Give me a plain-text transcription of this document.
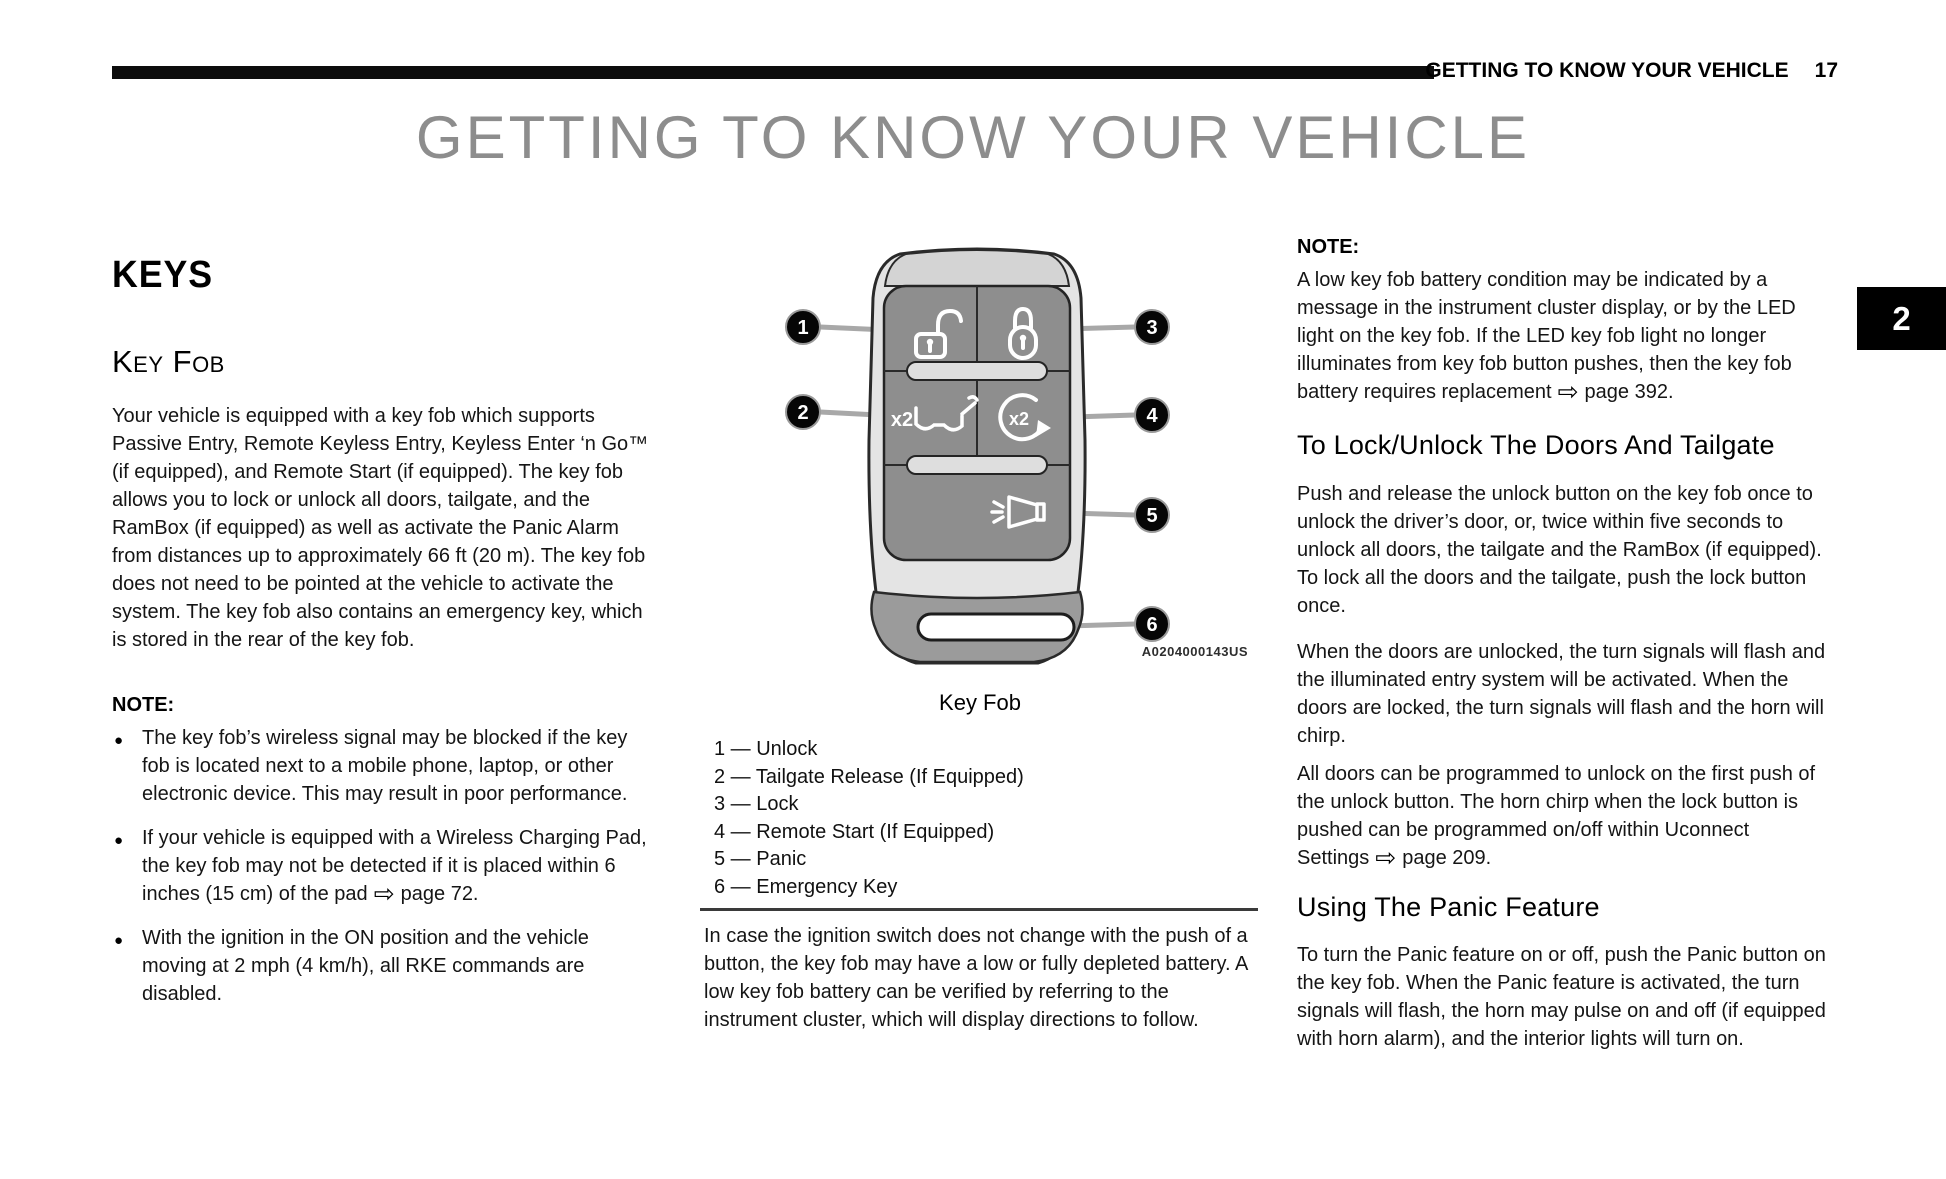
GETTING TO KNOW YOUR VEHICLE 17
GETTING TO KNOW YOUR VEHICLE
2
KEYS
Key Fob
Your vehicle is equipped with a key fob which supports Passive Entry, Remote Keyless Entry, Keyless Enter ‘n Go™ (if equipped), and Remote Start (if equipped). The key fob allows you to lock or unlock all doors, tailgate, and the RamBox (if equipped) as well as activate the Panic Alarm from distances up to approximately 66 ft (20 m). The key fob does not need to be pointed at the vehicle to activate the system. The key fob also contains an emergency key, which is stored in the rear of the key fob.
NOTE:
● The key fob’s wireless signal may be blocked if the key fob is located next to a mobile phone, laptop, or other electronic device. This may result in poor performance.
● If your vehicle is equipped with a Wireless Charging Pad, the key fob may not be detected if it is placed within 6 inches (15 cm) of the pad ⇨ page 72.
● With the ignition in the ON position and the vehicle moving at 2 mph (4 km/h), all RKE commands are disabled.
x2	x2
1
2
3
4
5
6
A0204000143US
Key Fob
1 — Unlock
2 — Tailgate Release (If Equipped)
3 — Lock
4 — Remote Start (If Equipped)
5 — Panic
6 — Emergency Key
In case the ignition switch does not change with the push of a button, the key fob may have a low or fully depleted battery. A low key fob battery can be verified by referring to the instrument cluster, which will display directions to follow.
NOTE:
A low key fob battery condition may be indicated by a message in the instrument cluster display, or by the LED light on the key fob. If the LED key fob light no longer illuminates from key fob button pushes, then the key fob battery requires replacement ⇨ page 392.
To Lock/Unlock The Doors And Tailgate
Push and release the unlock button on the key fob once to unlock the driver’s door, or, twice within five seconds to unlock all doors, the tailgate and the RamBox (if equipped). To lock all the doors and the tailgate, push the lock button once.
When the doors are unlocked, the turn signals will flash and the illuminated entry system will be activated. When the doors are locked, the turn signals will flash and the horn will chirp.
All doors can be programmed to unlock on the first push of the unlock button. The horn chirp when the lock button is pushed can be programmed on/off within Uconnect Settings ⇨ page 209.
Using The Panic Feature
To turn the Panic feature on or off, push the Panic button on the key fob. When the Panic feature is activated, the turn signals will flash, the horn may pulse on and off (if equipped with horn alarm), and the interior lights will turn on.
